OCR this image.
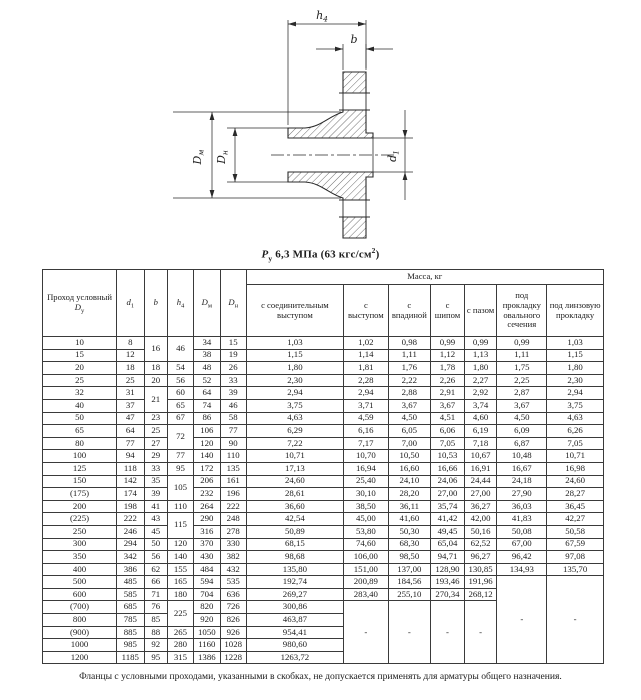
$h_4$
b
$D_м$
$D_н$
$d_1$
$P_у$ 6,3 МПа (63 кгс/$см^2$)
Проход условный $D_у$	$d_1$	b	$h_4$	$D_м$	$D_н$	Масса, кг						
						с соединительным выступом	с выступом	с впадиной	с шипом	с пазом	под прокладку овального сечения	под линзовую прокладку
10	8	16	46	34	15	1,03	1,02	0,98	0,99	0,99	0,99	1,03
15	12			38	19	1,15	1,14	1,11	1,12	1,13	1,11	1,15
20	18	18	54	48	26	1,80	1,81	1,76	1,78	1,80	1,75	1,80
25	25	20	56	52	33	2,30	2,28	2,22	2,26	2,27	2,25	2,30
32	31	21	60	64	39	2,94	2,94	2,88	2,91	2,92	2,87	2,94
40	37		65	74	46	3,75	3,71	3,67	3,67	3,74	3,67	3,75
50	47	23	67	86	58	4,63	4,59	4,50	4,51	4,60	4,50	4,63
65	64	25	72	106	77	6,29	6,16	6,05	6,06	6,19	6,09	6,26
80	77	27		120	90	7,22	7,17	7,00	7,05	7,18	6,87	7,05
100	94	29	77	140	110	10,71	10,70	10,50	10,53	10,67	10,48	10,71
125	118	33	95	172	135	17,13	16,94	16,60	16,66	16,91	16,67	16,98
150	142	35	105	206	161	24,60	25,40	24,10	24,06	24,44	24,18	24,60
(175)	174	39		232	196	28,61	30,10	28,20	27,00	27,00	27,90	28,27
200	198	41	110	264	222	36,60	38,50	36,11	35,74	36,27	36,03	36,45
(225)	222	43	115	290	248	42,54	45,00	41,60	41,42	42,00	41,83	42,27
250	246	45		316	278	50,89	53,80	50,30	49,45	50,16	50,08	50,58
300	294	50	120	370	330	68,15	74,60	68,30	65,04	62,52	67,00	67,59
350	342	56	140	430	382	98,68	106,00	98,50	94,71	96,27	96,42	97,08
400	386	62	155	484	432	135,80	151,00	137,00	128,90	130,85	134,93	135,70
500	485	66	165	594	535	192,74	200,89	184,56	193,46	191,96	-	-
600	585	71	180	704	636	269,27	283,40	255,10	270,34	268,12		
(700)	685	76	225	820	726	300,86	-	-	-	-		
800	785	85		920	826	463,87						
(900)	885	88	265	1050	926	954,41						
1000	985	92	280	1160	1028	980,60						
1200	1185	95	315	1386	1228	1263,72						
Фланцы с условными проходами, указанными в скобках, не допускается применять для арматуры общего назначения.
